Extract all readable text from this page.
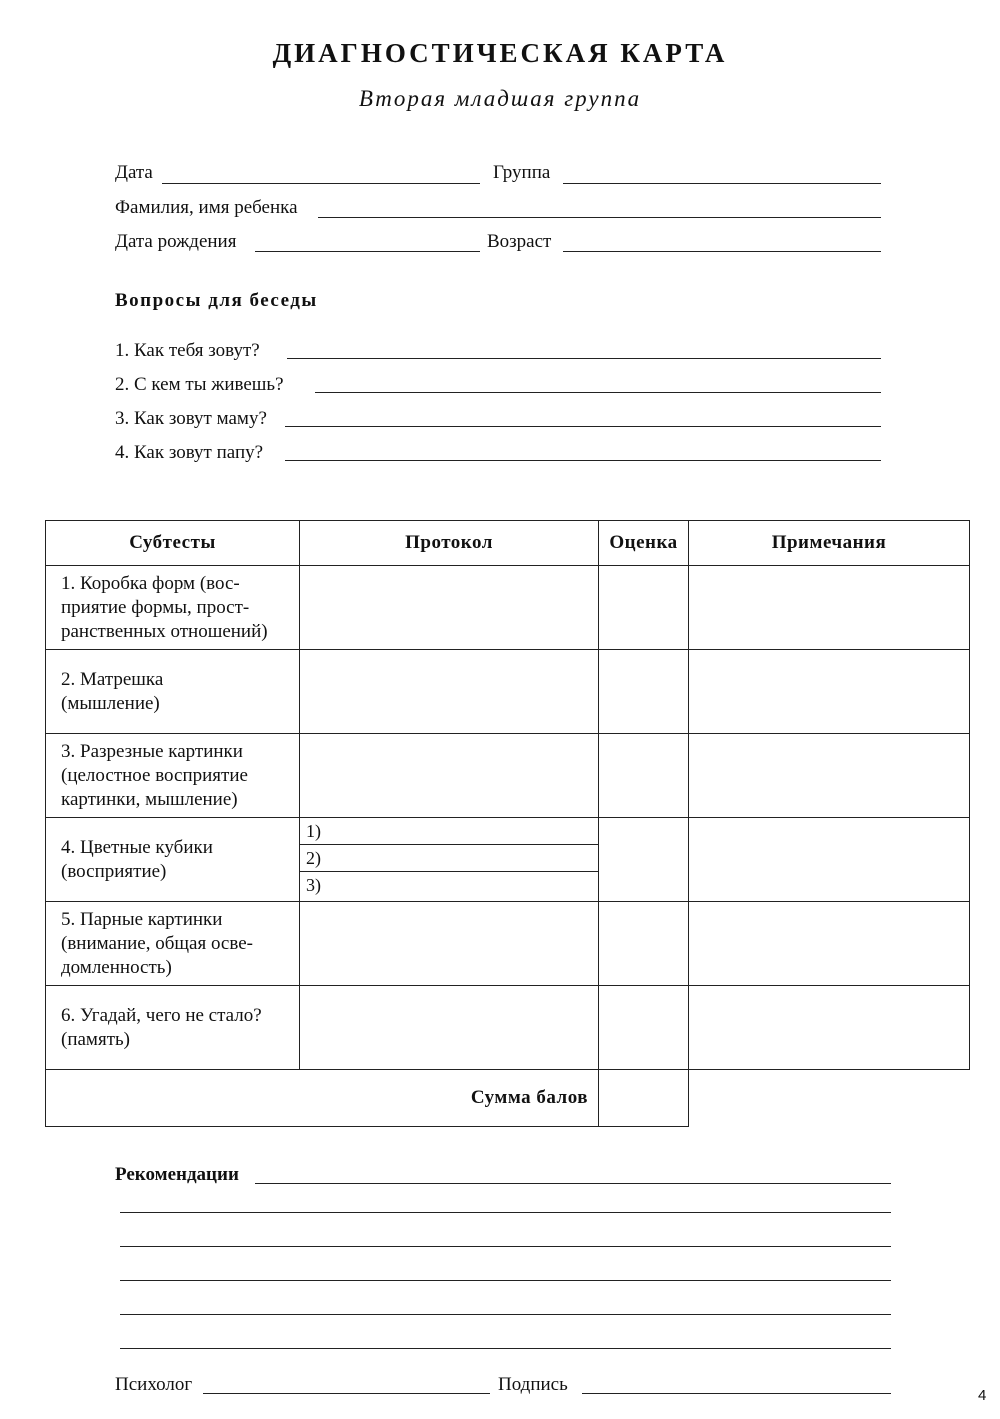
ДИАГНОСТИЧЕСКАЯ КАРТА
Вторая младшая группа
Дата	Группа
Фамилия, имя ребенка
Дата рождения	Возраст
Вопросы для беседы
1. Как тебя зовут?
2. С кем ты живешь?
3. Как зовут маму?
4. Как зовут папу?
Субтесты	Протокол	Оценка	Примечания

1. Коробка форм (вос-
приятие формы, прост-
ранственных отношений)

2. Матрешка
(мышление)

3. Разрезные картинки
(целостное восприятие
картинки, мышление)

4. Цветные кубики
(восприятие)

1)
2)
3)

5. Парные картинки
(внимание, общая осве-
домленность)

6. Угадай, чего не стало?
(память)

Сумма балов		
Рекомендации
Психолог	Подпись
4
